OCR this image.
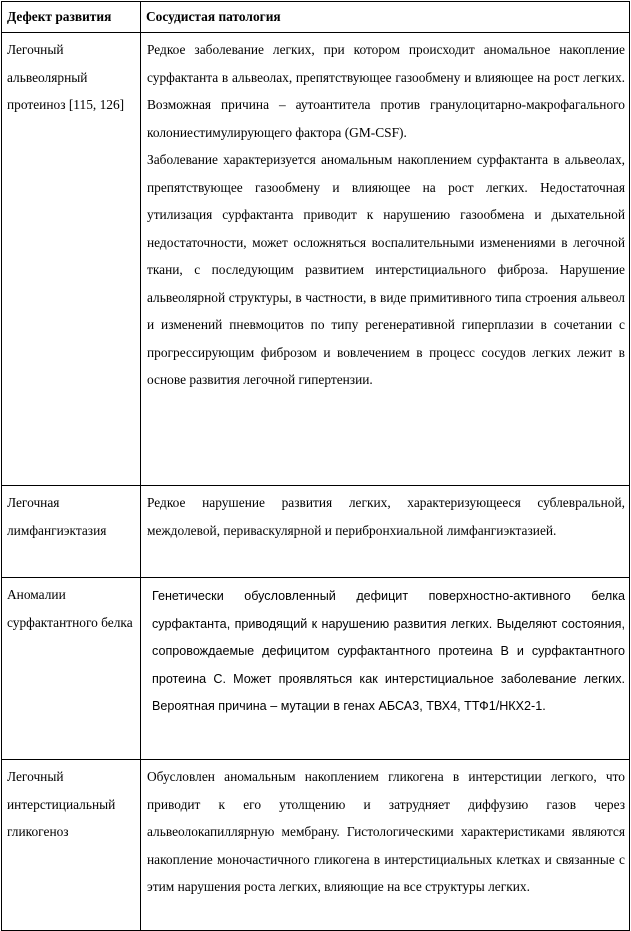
Дефект развития	Сосудистая патология
Легочный альвеолярный протеиноз [115, 126]	Редкое заболевание легких, при котором происходит аномальное накопление сурфактанта в альвеолах, препятствующее газообмену и влияющее на рост легких. Возможная причина – аутоантитела против гранулоцитарно-макрофагального колониестимулирующего фактора (GM-CSF).

Заболевание характеризуется аномальным накоплением сурфактанта в альвеолах, препятствующее газообмену и влияющее на рост легких. Недостаточная утилизация сурфактанта приводит к нарушению газообмена и дыхательной недостаточности, может осложняться воспалительными изменениями в легочной ткани, с последующим развитием интерстициального фиброза. Нарушение альвеолярной структуры, в частности, в виде примитивного типа строения альвеол и изменений пневмоцитов по типу регенеративной гиперплазии в сочетании с прогрессирующим фиброзом и вовлечением в процесс сосудов легких лежит в основе развития легочной гипертензии.

Легочная лимфангиэктазия	Редкое нарушение развития легких, характеризующееся сублевральной, междолевой, периваскулярной и перибронхиальной лимфангиэктазией.

Аномалии сурфактантного белка	Генетически обусловленный дефицит поверхностно-активного белка сурфактанта, приводящий к нарушению развития легких. Выделяют состояния, сопровождаемые дефицитом сурфактантного протеина В и сурфактантного протеина С. Может проявляться как интерстициальное заболевание легких. Вероятная причина – мутации в генах АБСА3, ТВХ4, ТТФ1/НКХ2-1.

Легочный интерстициальный гликогеноз	Обусловлен аномальным накоплением гликогена в интерстиции легкого, что приводит к его утолщению и затрудняет диффузию газов через альвеолокапиллярную мембрану. Гистологическими характеристиками являются накопление моночастичного гликогена в интерстициальных клетках и связанные с этим нарушения роста легких, влияющие на все структуры легких.
